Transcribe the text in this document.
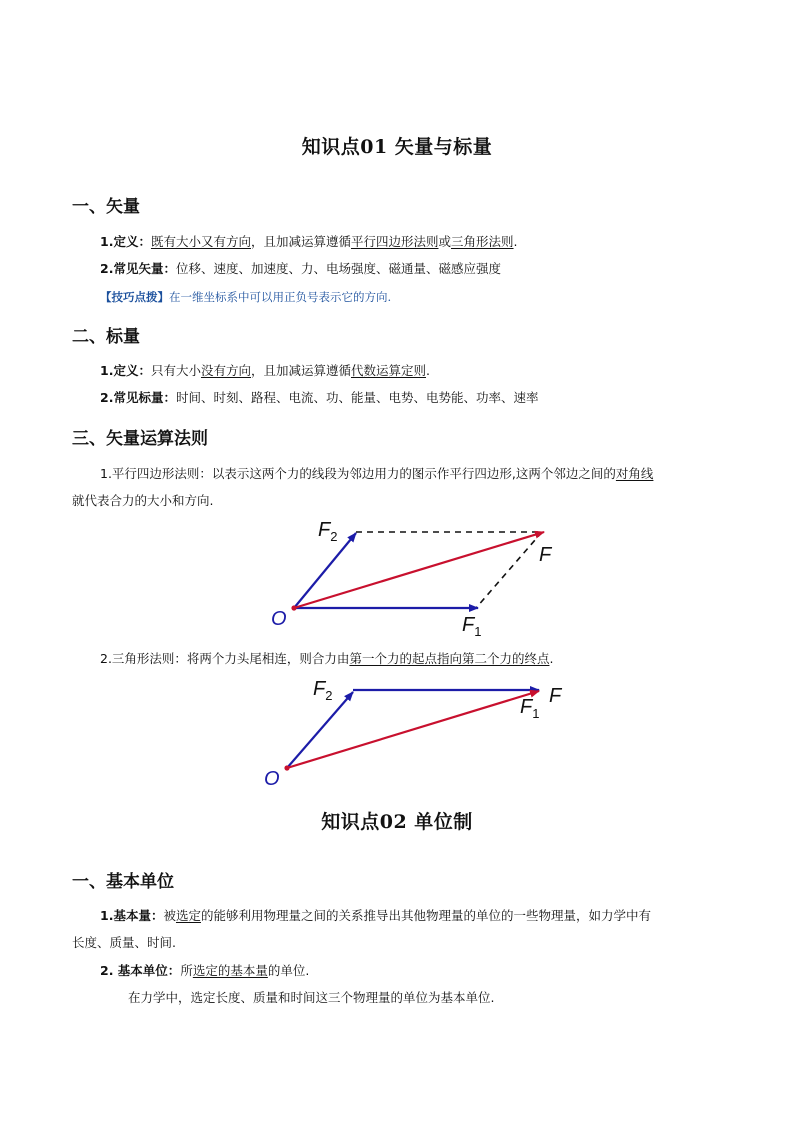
知识点01 矢量与标量
一、矢量
1.定义：既有大小又有方向，且加减运算遵循平行四边形法则或三角形法则.
2.常见矢量：位移、速度、加速度、力、电场强度、磁通量、磁感应强度
【技巧点拨】在一维坐标系中可以用正负号表示它的方向.
二、标量
1.定义：只有大小没有方向，且加减运算遵循代数运算定则.
2.常见标量：时间、时刻、路程、电流、功、能量、电势、电势能、功率、速率
三、矢量运算法则
1.平行四边形法则：以表示这两个力的线段为邻边用力的图示作平行四边形,这两个邻边之间的对角线
就代表合力的大小和方向.
$F_2$
F
O	$F_1$
2.三角形法则：将两个力头尾相连，则合力由第一个力的起点指向第二个力的终点.
$F_2$	F
$F_1$
O
知识点02 单位制
一、基本单位
1.基本量：被选定的能够利用物理量之间的关系推导出其他物理量的单位的一些物理量，如力学中有
长度、质量、时间.
2. 基本单位：所选定的基本量的单位.
在力学中，选定长度、质量和时间这三个物理量的单位为基本单位.
